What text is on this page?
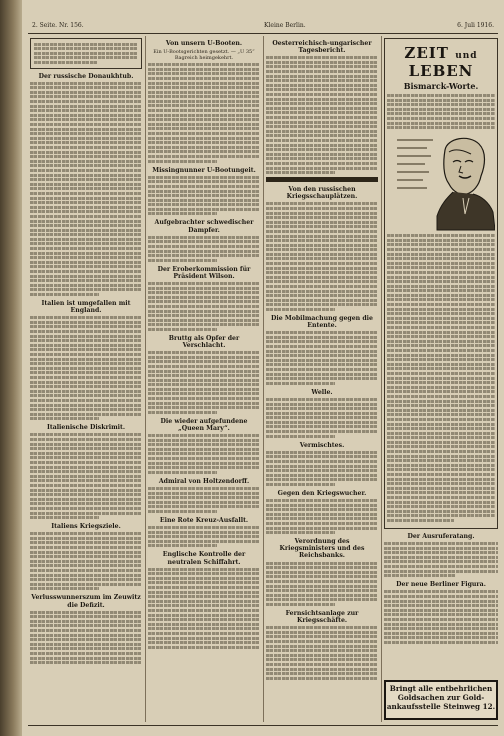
2. Seite. Nr. 156.	Kleine Berlin.	6. Juli 1916.
Der russische Donaukhtub.
Italien ist umgefallen mit England.
Italienische Diskrimit.
Italiens Kriegsziele.
Verlusswunnerszum im Zeuwitz die Defizit.
Von unsern U-Booten.
Ein U-Bootsgerichten gesetzt. — „U 35“ Bagreich heimgekehrt.
Missingnunner U-Bootungeit.
Aufgebrachter schwedischer Dampfer.
Der Eroberkommission für Präsident Wilson.
Bruttg als Opfer der Verschlacht.
Die wieder aufgefundene „Queen Mary“.
Admiral von Holtzendorff.
Eine Rote Kreuz-Ausfallt.
Englische Kontrolle der neutralen Schiffahrt.
Oesterreichisch-ungarischer Tagesbericht.
Von den russischen Kriegsschauplätzen.
Die Mobilmachung gegen die Entente.
Welle.
Vermischtes.
Gegen den Kriegswucher.
Verordnung des Kriegsministers und des Reichsbanks.
Fernsichtsanlage zur Kriegsschäfte.
ZEIT und LEBEN
Bismarck-Worte.
Der Ausruferatang.
Der neue Berliner Figura.
Bringt alle entbehrlichen
Goldsachen zur Gold-
ankaufsstelle Steinweg 12.
